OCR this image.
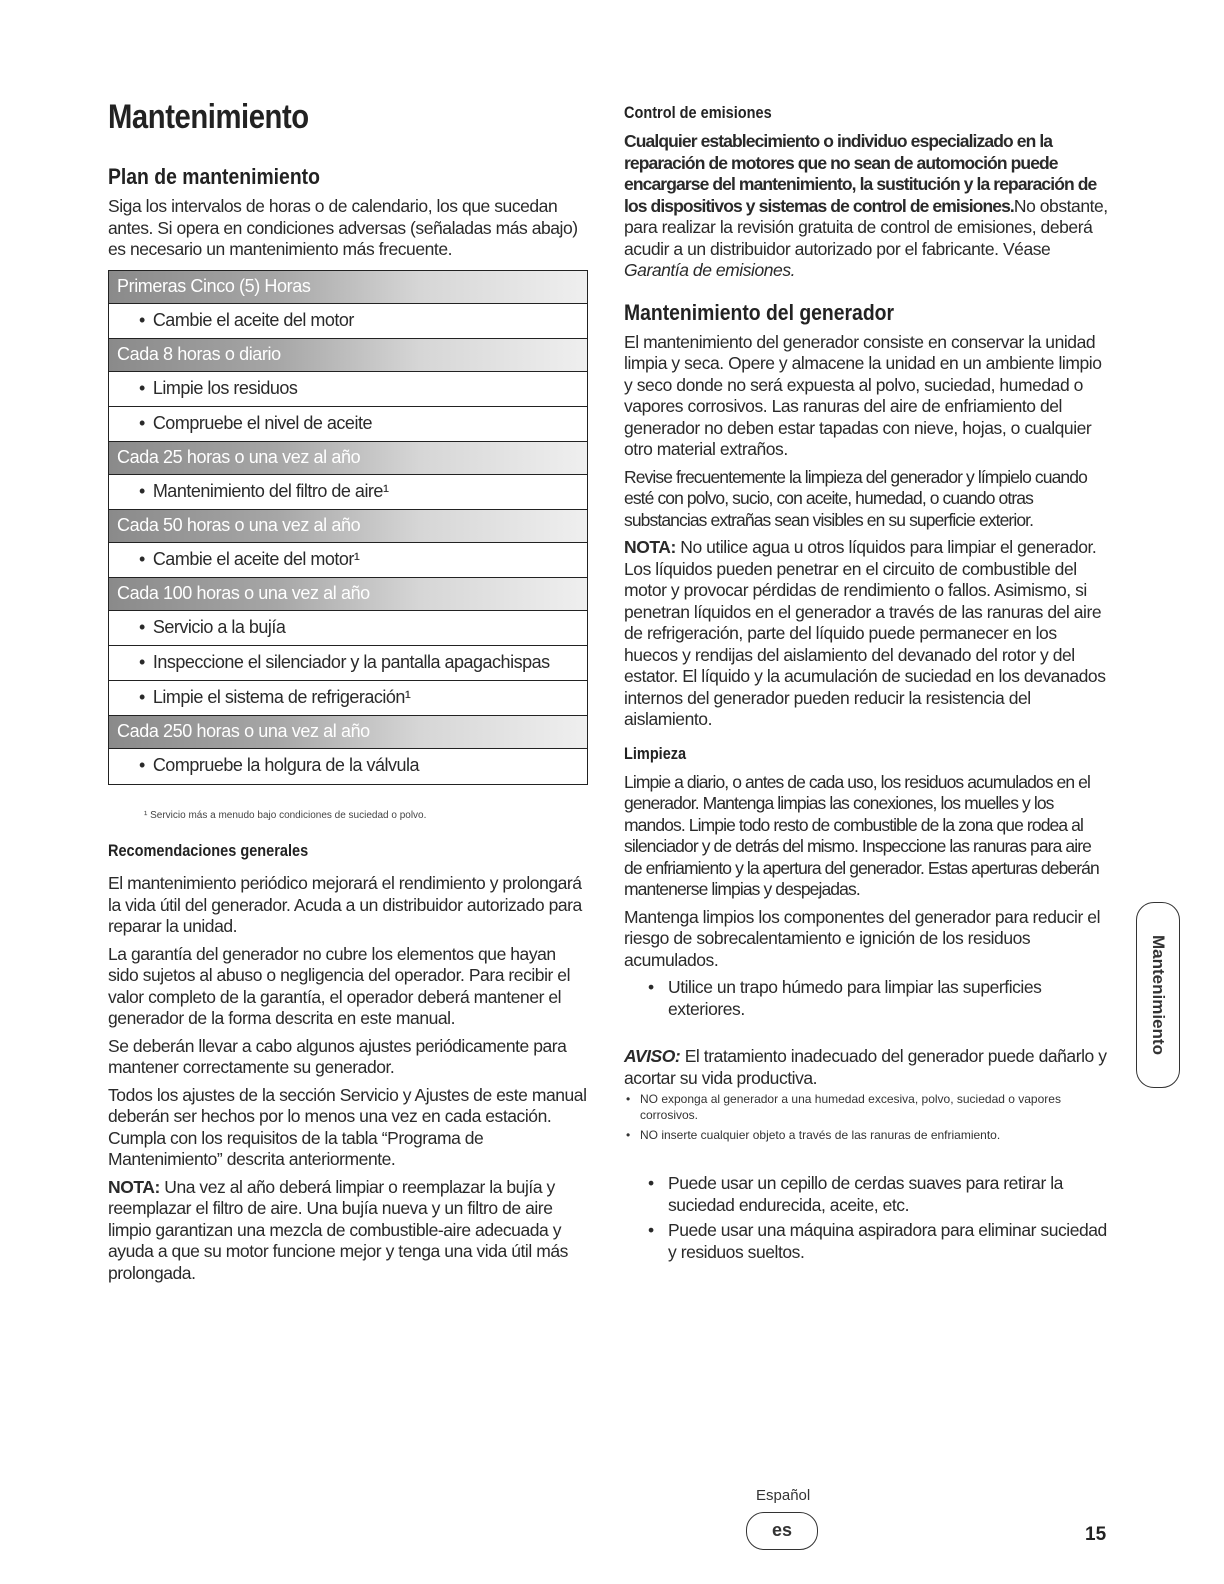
Mantenimiento
Plan de mantenimiento

Siga los intervalos de horas o de calendario, los que sucedan antes. Si opera en condiciones adversas (señaladas más abajo) es necesario un mantenimiento más frecuente.

Primeras Cinco (5) Horas
• Cambie el aceite del motor
Cada 8 horas o diario
• Limpie los residuos
• Compruebe el nivel de aceite
Cada 25 horas o una vez al año
• Mantenimiento del filtro de aire¹
Cada 50 horas o una vez al año
• Cambie el aceite del motor¹
Cada 100 horas o una vez al año
• Servicio a la bujía
• Inspeccione el silenciador y la pantalla apagachispas
• Limpie el sistema de refrigeración¹
Cada 250 horas o una vez al año
• Compruebe la holgura de la válvula
¹ Servicio más a menudo bajo condiciones de suciedad o polvo.
Recomendaciones generales

El mantenimiento periódico mejorará el rendimiento y prolongará la vida útil del generador. Acuda a un distribuidor autorizado para reparar la unidad.

La garantía del generador no cubre los elementos que hayan sido sujetos al abuso o negligencia del operador. Para recibir el valor completo de la garantía, el operador deberá mantener el generador de la forma descrita en este manual.

Se deberán llevar a cabo algunos ajustes periódicamente para mantener correctamente su generador.

Todos los ajustes de la sección Servicio y Ajustes de este manual deberán ser hechos por lo menos una vez en cada estación. Cumpla con los requisitos de la tabla “Programa de Mantenimiento” descrita anteriormente.

NOTA: Una vez al año deberá limpiar o reemplazar la bujía y reemplazar el filtro de aire. Una bujía nueva y un filtro de aire limpio garantizan una mezcla de combustible-aire adecuada y ayuda a que su motor funcione mejor y tenga una vida útil más prolongada.

Control de emisiones

Cualquier establecimiento o individuo especializado en la reparación de motores que no sean de automoción puede encargarse del mantenimiento, la sustitución y la reparación de los dispositivos y sistemas de control de emisiones.No obstante, para realizar la revisión gratuita de control de emisiones, deberá acudir a un distribuidor autorizado por el fabricante. Véase Garantía de emisiones.

Mantenimiento del generador

El mantenimiento del generador consiste en conservar la unidad limpia y seca. Opere y almacene la unidad en un ambiente limpio y seco donde no será expuesta al polvo, suciedad, humedad o vapores corrosivos. Las ranuras del aire de enfriamiento del generador no deben estar tapadas con nieve, hojas, o cualquier otro material extraños.

Revise frecuentemente la limpieza del generador y límpielo cuando esté con polvo, sucio, con aceite, humedad, o cuando otras substancias extrañas sean visibles en su superficie exterior.

NOTA: No utilice agua u otros líquidos para limpiar el generador. Los líquidos pueden penetrar en el circuito de combustible del motor y provocar pérdidas de rendimiento o fallos. Asimismo, si penetran líquidos en el generador a través de las ranuras del aire de refrigeración, parte del líquido puede permanecer en los huecos y rendijas del aislamiento del devanado del rotor y del estator. El líquido y la acumulación de suciedad en los devanados internos del generador pueden reducir la resistencia del aislamiento.

Limpieza

Limpie a diario, o antes de cada uso, los residuos acumulados en el generador. Mantenga limpias las conexiones, los muelles y los mandos. Limpie todo resto de combustible de la zona que rodea al silenciador y de detrás del mismo. Inspeccione las ranuras para aire de enfriamiento y la apertura del generador. Estas aperturas deberán mantenerse limpias y despejadas.

Mantenga limpios los componentes del generador para reducir el riesgo de sobrecalentamiento e ignición de los residuos acumulados.

• Utilice un trapo húmedo para limpiar las superficies exteriores.

AVISO: El tratamiento inadecuado del generador puede dañarlo y acortar su vida productiva.

• NO exponga al generador a una humedad excesiva, polvo, suciedad o vapores corrosivos.
• NO inserte cualquier objeto a través de las ranuras de enfriamiento.
• Puede usar un cepillo de cerdas suaves para retirar la suciedad endurecida, aceite, etc.
• Puede usar una máquina aspiradora para eliminar suciedad y residuos sueltos.
Mantenimiento
Español
es	15
